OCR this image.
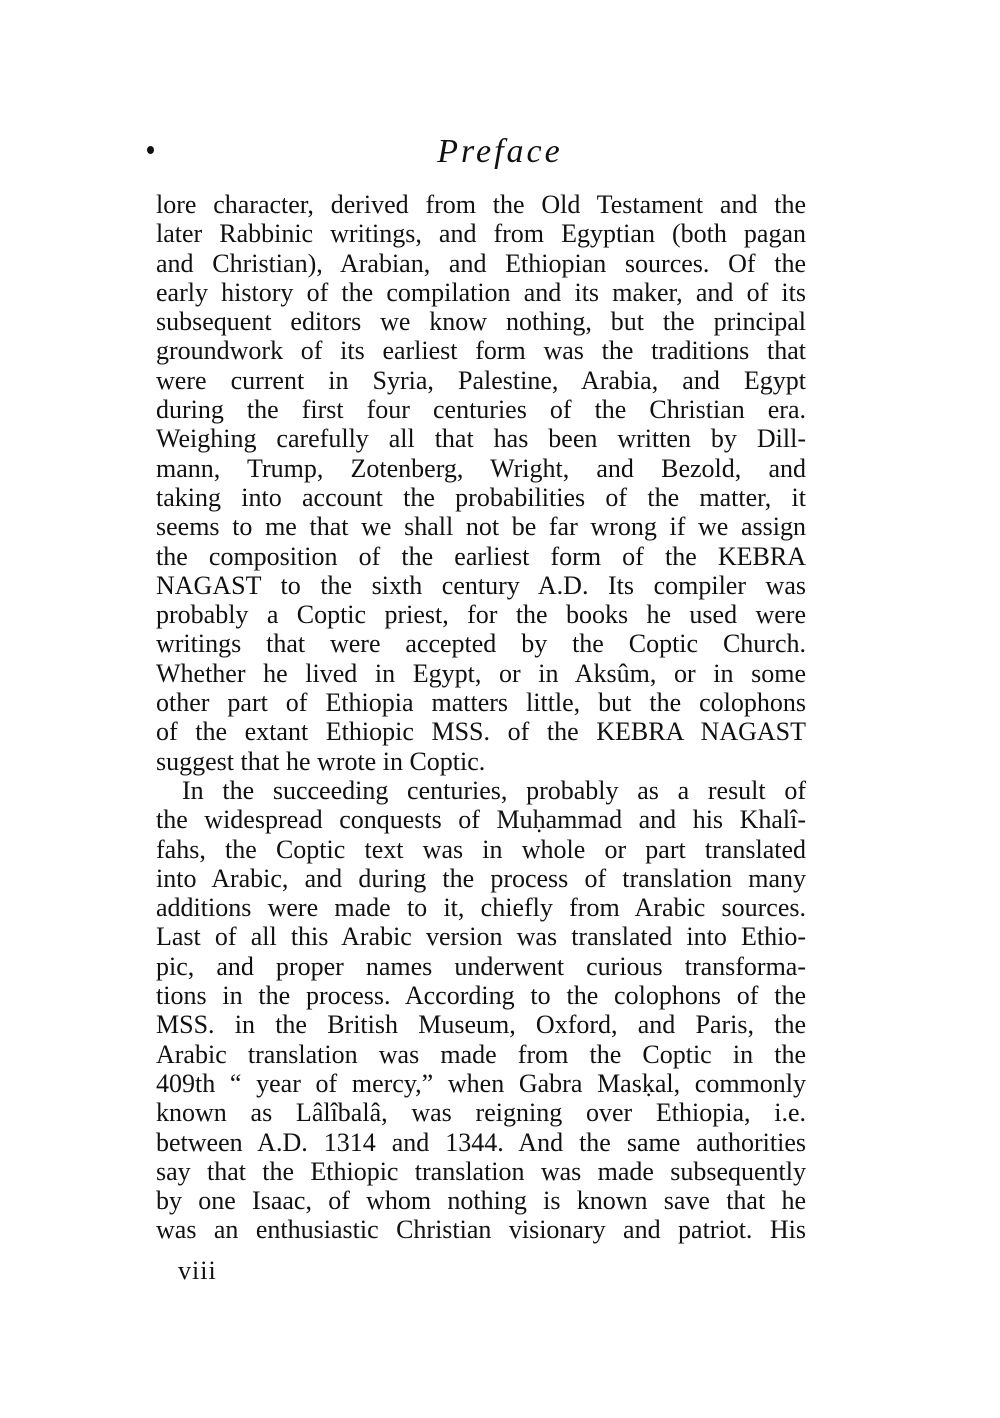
Preface
lore character, derived from the Old Testament and the
later Rabbinic writings, and from Egyptian (both pagan
and Christian), Arabian, and Ethiopian sources. Of the
early history of the compilation and its maker, and of its
subsequent editors we know nothing, but the principal
groundwork of its earliest form was the traditions that
were current in Syria, Palestine, Arabia, and Egypt
during the first four centuries of the Christian era.
Weighing carefully all that has been written by Dill-
mann, Trump, Zotenberg, Wright, and Bezold, and
taking into account the probabilities of the matter, it
seems to me that we shall not be far wrong if we assign
the composition of the earliest form of the KEBRA
NAGAST to the sixth century A.D. Its compiler was
probably a Coptic priest, for the books he used were
writings that were accepted by the Coptic Church.
Whether he lived in Egypt, or in Aksûm, or in some
other part of Ethiopia matters little, but the colophons
of the extant Ethiopic MSS. of the KEBRA NAGAST
suggest that he wrote in Coptic.
In the succeeding centuries, probably as a result of
the widespread conquests of Muḥammad and his Khalî-
fahs, the Coptic text was in whole or part translated
into Arabic, and during the process of translation many
additions were made to it, chiefly from Arabic sources.
Last of all this Arabic version was translated into Ethio-
pic, and proper names underwent curious transforma-
tions in the process. According to the colophons of the
MSS. in the British Museum, Oxford, and Paris, the
Arabic translation was made from the Coptic in the
409th “ year of mercy,” when Gabra Masḳal, commonly
known as Lâlîbalâ, was reigning over Ethiopia, i.e.
between A.D. 1314 and 1344. And the same authorities
say that the Ethiopic translation was made subsequently
by one Isaac, of whom nothing is known save that he
was an enthusiastic Christian visionary and patriot. His
viii
